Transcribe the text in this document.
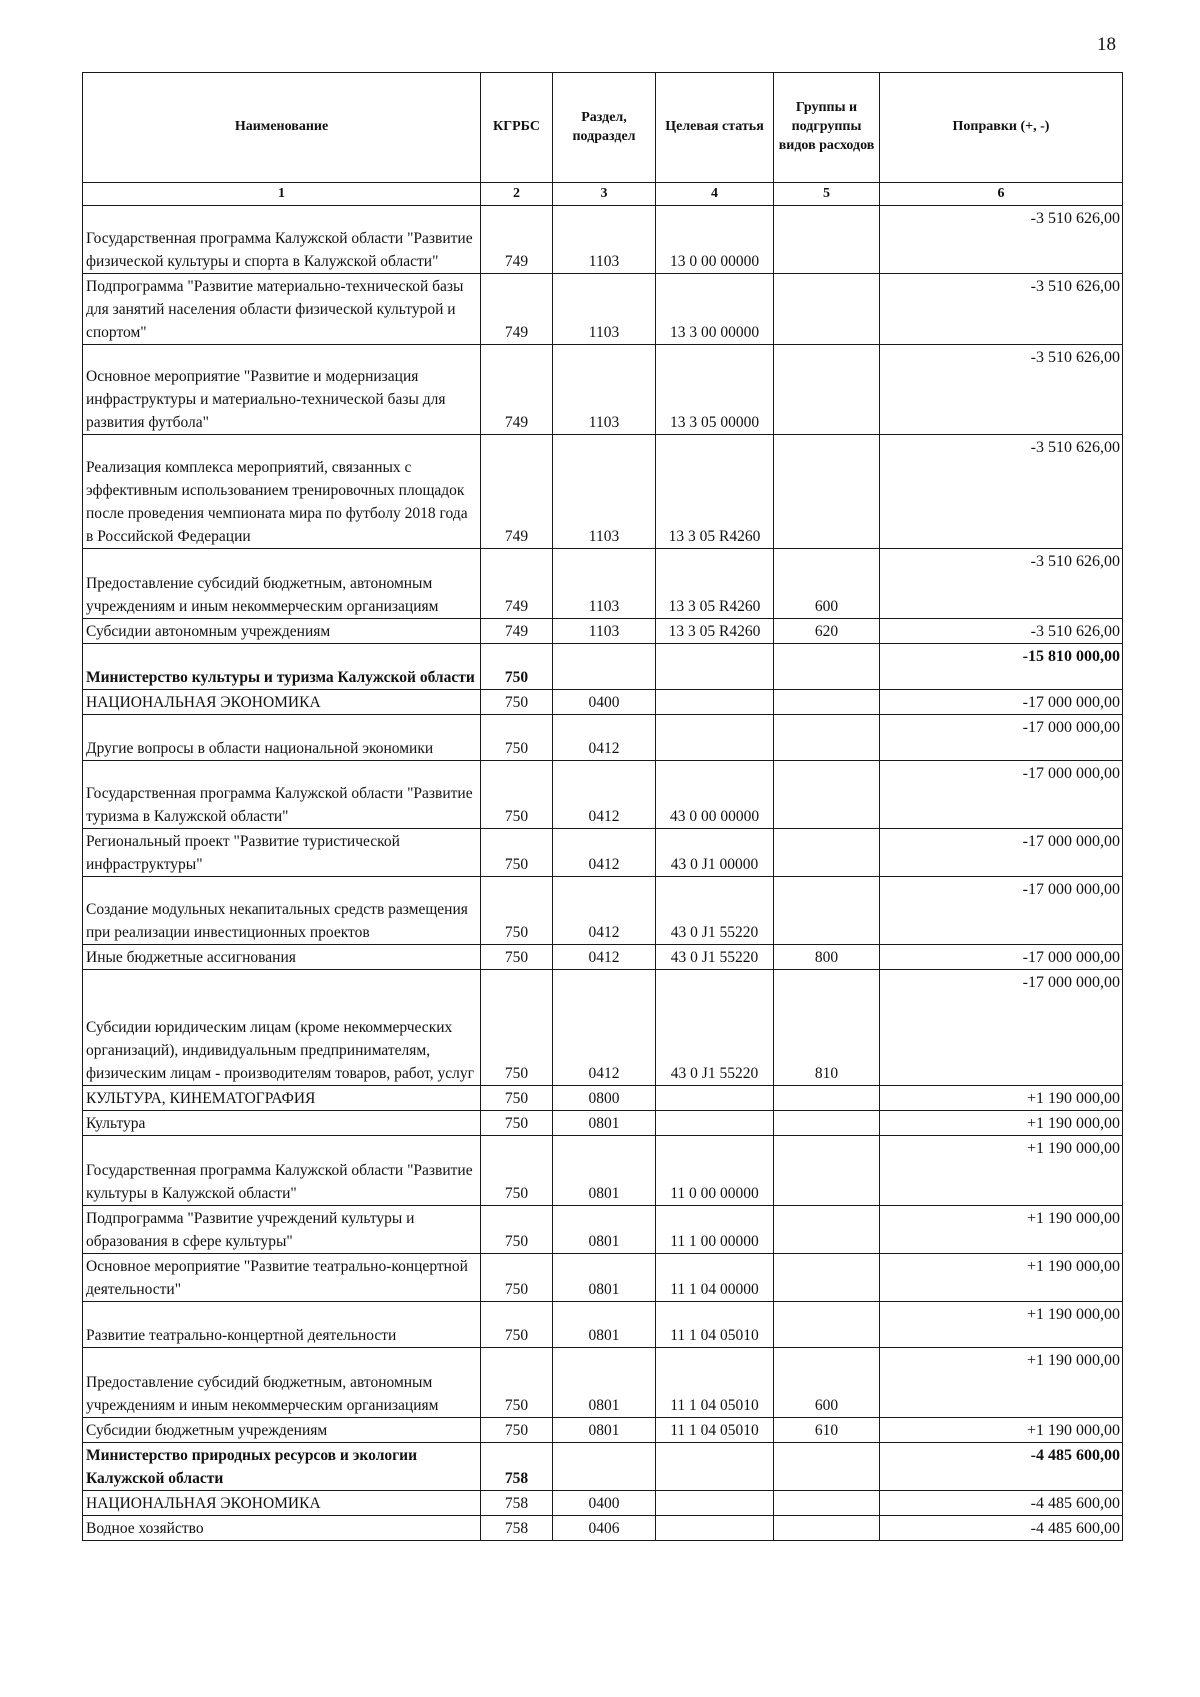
18
Наименование	КГРБС	Раздел, подраздел	Целевая статья	Группы и подгруппы видов расходов	Поправки (+, -)
1	2	3	4	5	6
Государственная программа Калужской области "Развитие физической культуры и спорта в Калужской области"	749	1103	13 0 00 00000		-3 510 626,00
Подпрограмма "Развитие материально-технической базы для занятий населения области физической культурой и спортом"	749	1103	13 3 00 00000		-3 510 626,00
Основное мероприятие "Развитие и модернизация инфраструктуры и материально-технической базы для развития футбола"	749	1103	13 3 05 00000		-3 510 626,00
Реализация комплекса мероприятий, связанных с эффективным использованием тренировочных площадок после проведения чемпионата мира по футболу 2018 года в Российской Федерации	749	1103	13 3 05 R4260		-3 510 626,00
Предоставление субсидий бюджетным, автономным учреждениям и иным некоммерческим организациям	749	1103	13 3 05 R4260	600	-3 510 626,00
Субсидии автономным учреждениям	749	1103	13 3 05 R4260	620	-3 510 626,00
Министерство культуры и туризма Калужской области	750				-15 810 000,00
НАЦИОНАЛЬНАЯ ЭКОНОМИКА	750	0400			-17 000 000,00
Другие вопросы в области национальной экономики	750	0412			-17 000 000,00
Государственная программа Калужской области "Развитие туризма в Калужской области"	750	0412	43 0 00 00000		-17 000 000,00
Региональный проект "Развитие туристической инфраструктуры"	750	0412	43 0 J1 00000		-17 000 000,00
Создание модульных некапитальных средств размещения при реализации инвестиционных проектов	750	0412	43 0 J1 55220		-17 000 000,00
Иные бюджетные ассигнования	750	0412	43 0 J1 55220	800	-17 000 000,00
Субсидии юридическим лицам (кроме некоммерческих организаций), индивидуальным предпринимателям, физическим лицам - производителям товаров, работ, услуг	750	0412	43 0 J1 55220	810	-17 000 000,00
КУЛЬТУРА, КИНЕМАТОГРАФИЯ	750	0800			+1 190 000,00
Культура	750	0801			+1 190 000,00
Государственная программа Калужской области "Развитие культуры в Калужской области"	750	0801	11 0 00 00000		+1 190 000,00
Подпрограмма "Развитие учреждений культуры и образования в сфере культуры"	750	0801	11 1 00 00000		+1 190 000,00
Основное мероприятие "Развитие театрально-концертной деятельности"	750	0801	11 1 04 00000		+1 190 000,00
Развитие театрально-концертной деятельности	750	0801	11 1 04 05010		+1 190 000,00
Предоставление субсидий бюджетным, автономным учреждениям и иным некоммерческим организациям	750	0801	11 1 04 05010	600	+1 190 000,00
Субсидии бюджетным учреждениям	750	0801	11 1 04 05010	610	+1 190 000,00
Министерство природных ресурсов и экологии Калужской области	758				-4 485 600,00
НАЦИОНАЛЬНАЯ ЭКОНОМИКА	758	0400			-4 485 600,00
Водное хозяйство	758	0406			-4 485 600,00
